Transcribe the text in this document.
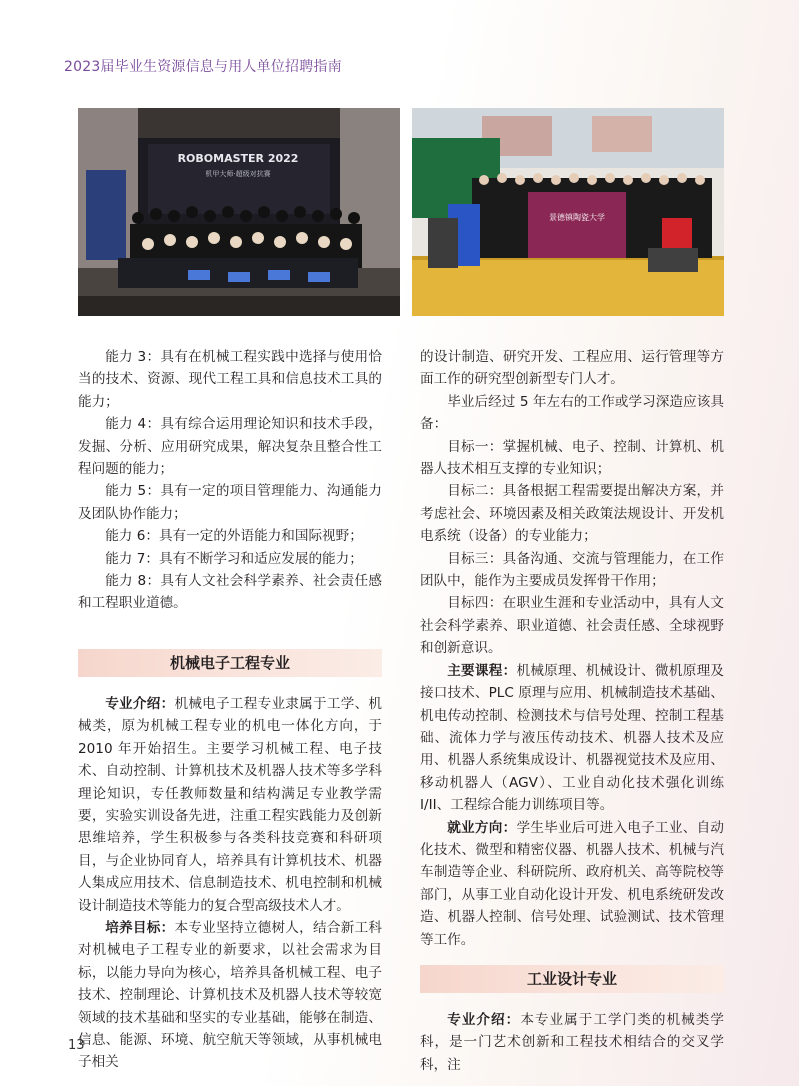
2023届毕业生资源信息与用人单位招聘指南
ROBOMASTER 2022
机甲大师·超级对抗赛
景德镇陶瓷大学

能力 3：具有在机械工程实践中选择与使用恰当的技术、资源、现代工程工具和信息技术工具的能力；

能力 4：具有综合运用理论知识和技术手段，发掘、分析、应用研究成果，解决复杂且整合性工程问题的能力；

能力 5：具有一定的项目管理能力、沟通能力及团队协作能力；

能力 6：具有一定的外语能力和国际视野；

能力 7：具有不断学习和适应发展的能力；

能力 8：具有人文社会科学素养、社会责任感和工程职业道德。

机械电子工程专业

专业介绍：机械电子工程专业隶属于工学、机械类，原为机械工程专业的机电一体化方向，于 2010 年开始招生。主要学习机械工程、电子技术、自动控制、计算机技术及机器人技术等多学科理论知识，专任教师数量和结构满足专业教学需要，实验实训设备先进，注重工程实践能力及创新思维培养，学生积极参与各类科技竞赛和科研项目，与企业协同育人，培养具有计算机技术、机器人集成应用技术、信息制造技术、机电控制和机械设计制造技术等能力的复合型高级技术人才。

培养目标：本专业坚持立德树人，结合新工科对机械电子工程专业的新要求，以社会需求为目标，以能力导向为核心，培养具备机械工程、电子技术、控制理论、计算机技术及机器人技术等较宽领域的技术基础和坚实的专业基础，能够在制造、信息、能源、环境、航空航天等领域，从事机械电子相关

的设计制造、研究开发、工程应用、运行管理等方面工作的研究型创新型专门人才。

毕业后经过 5 年左右的工作或学习深造应该具备：

目标一：掌握机械、电子、控制、计算机、机器人技术相互支撑的专业知识；

目标二：具备根据工程需要提出解决方案，并考虑社会、环境因素及相关政策法规设计、开发机电系统（设备）的专业能力；

目标三：具备沟通、交流与管理能力，在工作团队中，能作为主要成员发挥骨干作用；

目标四：在职业生涯和专业活动中，具有人文社会科学素养、职业道德、社会责任感、全球视野和创新意识。

主要课程：机械原理、机械设计、微机原理及接口技术、PLC 原理与应用、机械制造技术基础、机电传动控制、检测技术与信号处理、控制工程基础、流体力学与液压传动技术、机器人技术及应用、机器人系统集成设计、机器视觉技术及应用、移动机器人（AGV）、工业自动化技术强化训练 I/II、工程综合能力训练项目等。

就业方向：学生毕业后可进入电子工业、自动化技术、微型和精密仪器、机器人技术、机械与汽车制造等企业、科研院所、政府机关、高等院校等部门，从事工业自动化设计开发、机电系统研发改造、机器人控制、信号处理、试验测试、技术管理等工作。

工业设计专业

专业介绍：本专业属于工学门类的机械类学科，是一门艺术创新和工程技术相结合的交叉学科，注

13
